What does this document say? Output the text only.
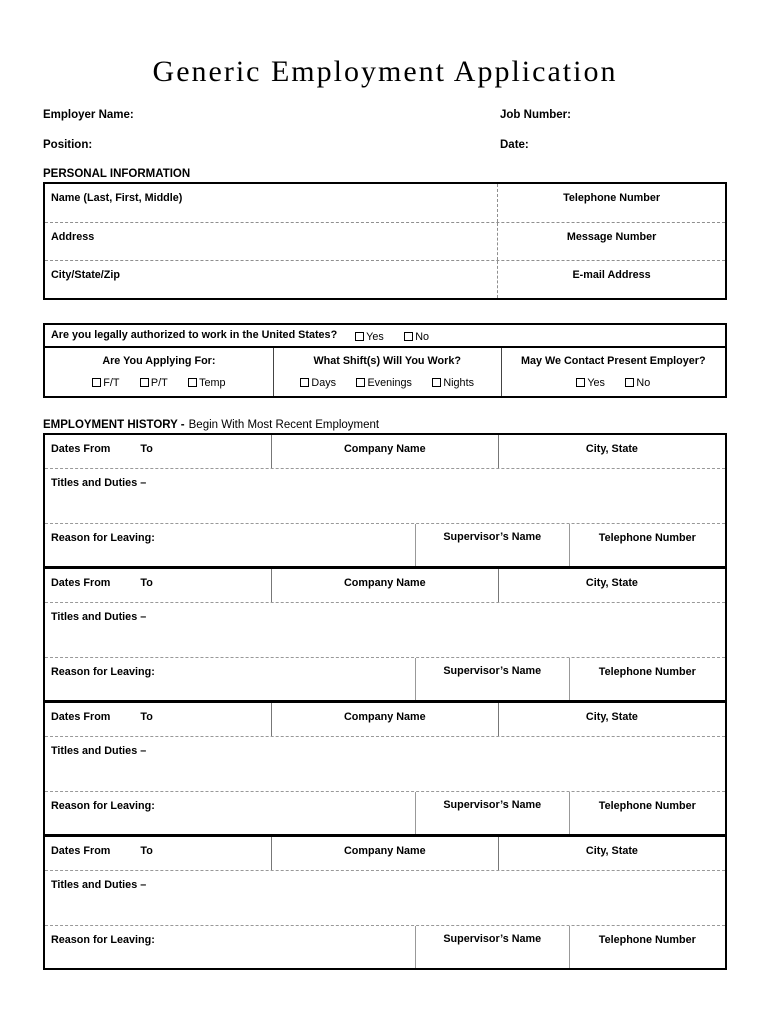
Generic Employment Application
Employer Name:	Job Number:
Position:	Date:
PERSONAL INFORMATION
Name (Last, First, Middle)	Telephone Number
Address	Message Number
City/State/Zip	E-mail Address
Are you legally authorized to work in the United States?	Yes	No
Are You Applying For:
F/T	P/T	Temp
What Shift(s) Will You Work?
Days	Evenings	Nights
May We Contact Present Employer?
Yes	No
EMPLOYMENT HISTORY - Begin With Most Recent Employment
Dates From	To	Company Name	City, State
Titles and Duties –
Reason for Leaving:	Supervisor’s Name	Telephone Number
Dates From	To	Company Name	City, State
Titles and Duties –
Reason for Leaving:	Supervisor’s Name	Telephone Number
Dates From	To	Company Name	City, State
Titles and Duties –
Reason for Leaving:	Supervisor’s Name	Telephone Number
Dates From	To	Company Name	City, State
Titles and Duties –
Reason for Leaving:	Supervisor’s Name	Telephone Number
